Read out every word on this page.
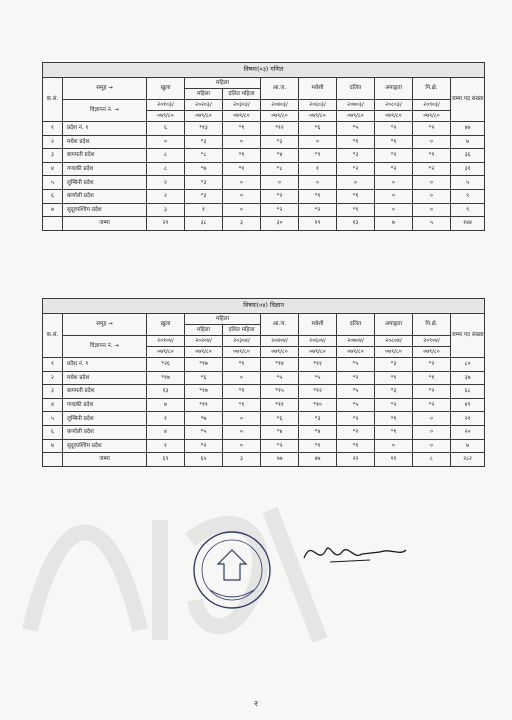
विषयः(०३) गणित										
क.सं.	समूह →	खुला	महिला		आ.ज.	मधेशी	दलित	अपाङ्गता	पि.क्षे.	जम्मा पद संख्या
			महिला	दलित महिला						
	विज्ञापन नं. →	२०१०३/	२०२०३/	२०३०३/	२०४०३/	२०६०३/	२०७०३/	२०८०३/	२०९०३/	
		०७९/८०	०७९/८०	०७९/८०	०७९/८०	०७९/८०	०७९/८०	०७९/८०	०७९/८०	
१	प्रदेश नं. १	६	*१३	*१	*१२	*६	*५	*२	*२	४७
२	मधेश प्रदेश	०	*३	०	*३	०	*१	*१	०	७
३	बागमती प्रदेश	८	*८	*१	*४	*९	*३	*२	*१	३६
४	गण्डकी प्रदेश	८	*७	*१	*८	१	*२	*२	*२	३१
५	लुम्बिनी प्रदेश	२	*३	०	०	०	०	०	०	५
६	कर्णाली प्रदेश	२	*३	०	*२	*१	*१	०	०	९
७	सुदूरपश्चिम प्रदेश	३	१	०	*२	*२	*१	०	०	९
	जम्मा	२९	३८	३	३०	१९	१३	७	५	१४४
विषयः(०४) विज्ञान										
क.सं.	समूह →	खुला	महिला		आ.ज.	मधेशी	दलित	अपाङ्गता	पि.क्षे.	जम्मा पद संख्या
			महिला	दलित महिला						
	विज्ञापन नं. →	२०१०४/	२०२०४/	२०३०४/	२०४०४/	२०६०४/	२०७०४/	२०८०४/	२०९०४/	
		०७९/८०	०७९/८०	०७९/८०	०७९/८०	०७९/८०	०७९/८०	०७९/८०	०७९/८०	
१	प्रदेश नं. १	*२६	*१७	*१	*१४	*१२	*५	*३	*२	८०
२	मधेश प्रदेश	*१७	*६	०	*५	*५	*२	*१	*१	३७
३	बागमती प्रदेश	१३	*१७	*१	*१५	*१२	*५	*३	*२	६८
४	गण्डकी प्रदेश	७	*११	*१	*११	*१०	*५	*२	*२	४९
५	लुम्बिनी प्रदेश	१	*७	०	*६	*३	*२	*१	०	२१
६	कर्णाली प्रदेश	४	*५	०	*४	*४	*२	*१	०	२०
७	सुदूरपश्चिम प्रदेश	१	*२	०	*२	*१	*१	०	०	७
	जम्मा	६९	६५	३	५७	४७	२२	११	८	२८२
२
